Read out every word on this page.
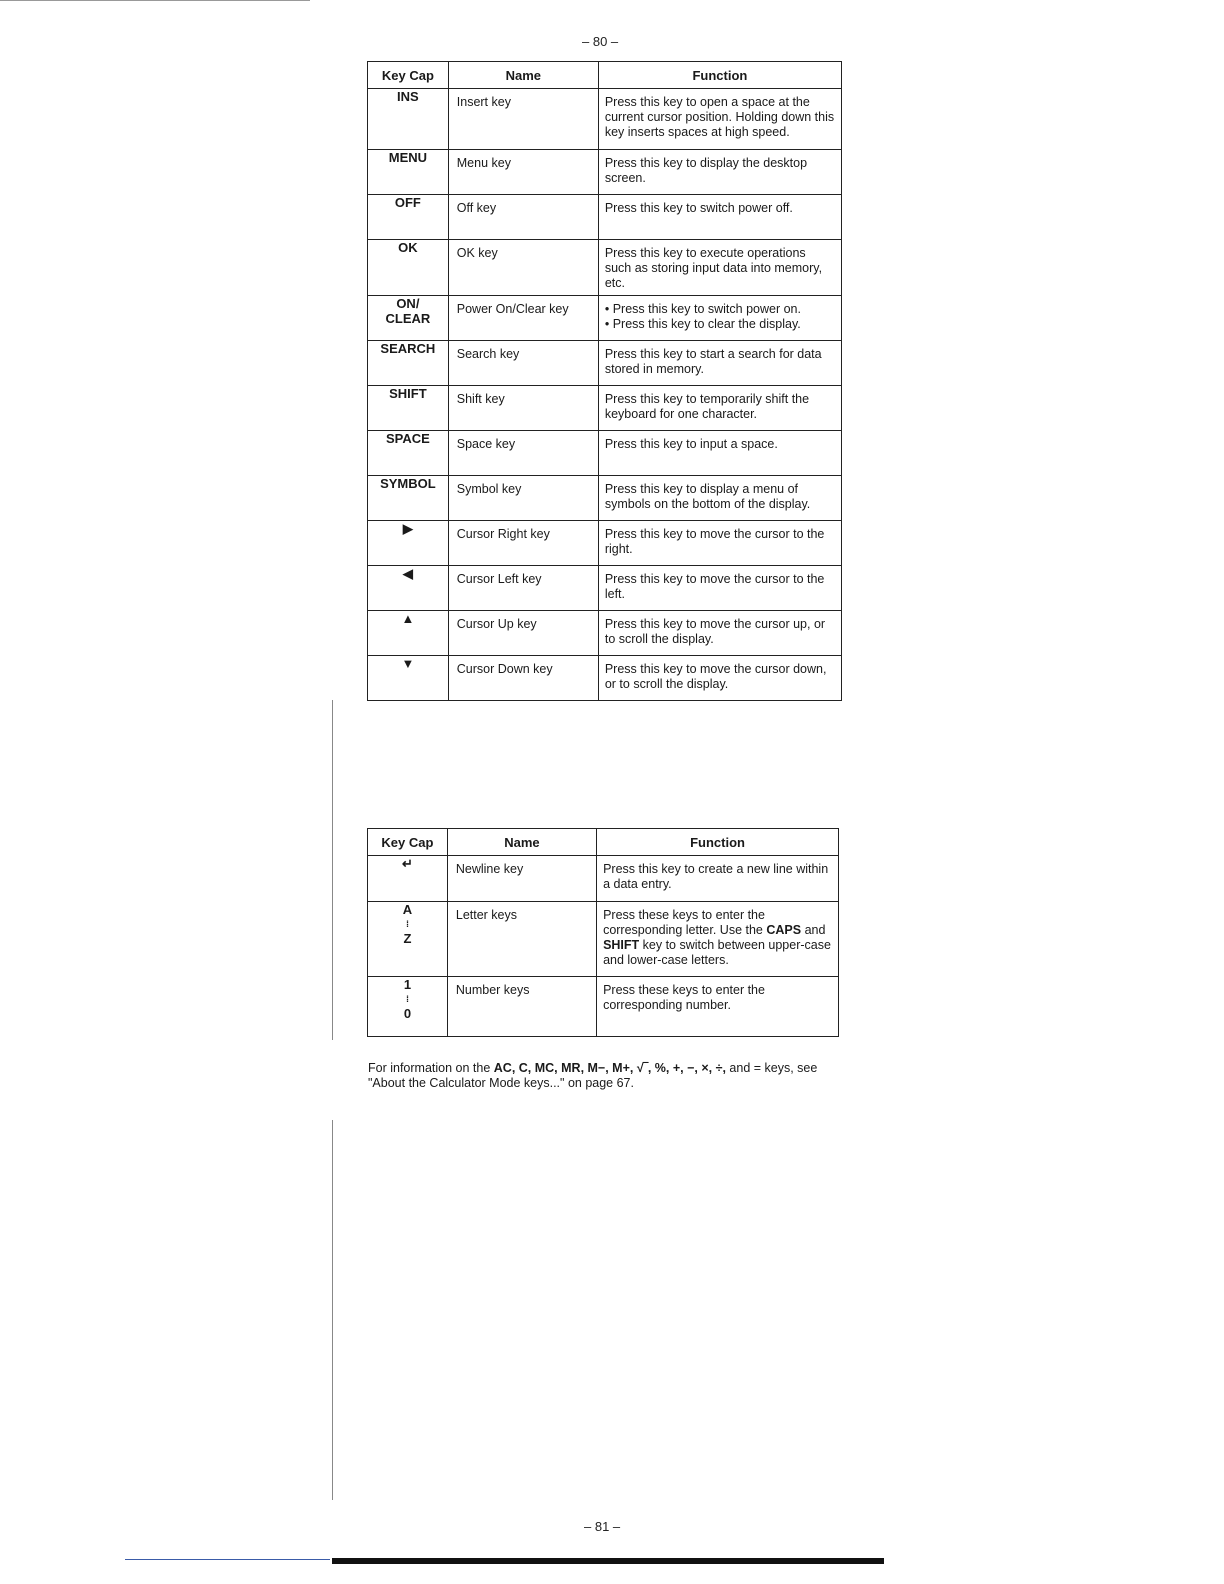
– 80 –
Key Cap	Name	Function
INS	Insert key	Press this key to open a space at the current cursor position. Holding down this key inserts spaces at high speed.
MENU	Menu key	Press this key to display the desktop screen.
OFF	Off key	Press this key to switch power off.
OK	OK key	Press this key to execute operations such as storing input data into memory, etc.

ON/
CLEAR	Power On/Clear key	• Press this key to switch power on.
• Press this key to clear the display.

SEARCH	Search key	Press this key to start a search for data stored in memory.
SHIFT	Shift key	Press this key to temporarily shift the keyboard for one character.
SPACE	Space key	Press this key to input a space.
SYMBOL	Symbol key	Press this key to display a menu of symbols on the bottom of the display.
▶	Cursor Right key	Press this key to move the cursor to the right.
◀	Cursor Left key	Press this key to move the cursor to the left.
▲	Cursor Up key	Press this key to move the cursor up, or to scroll the display.
▼	Cursor Down key	Press this key to move the cursor down, or to scroll the display.
Key Cap	Name	Function
↵	Newline key	Press this key to create a new line within a data entry.

A
⁞
Z	Letter keys	Press these keys to enter the corresponding letter. Use the CAPS and SHIFT key to switch between upper-case and lower-case letters.

1
⁞
0	Number keys	Press these keys to enter the corresponding number.
For information on the AC, C, MC, MR, M−, M+, √‾, %, +, −, ×, ÷, and = keys, see "About the Calculator Mode keys..." on page 67.
– 81 –
